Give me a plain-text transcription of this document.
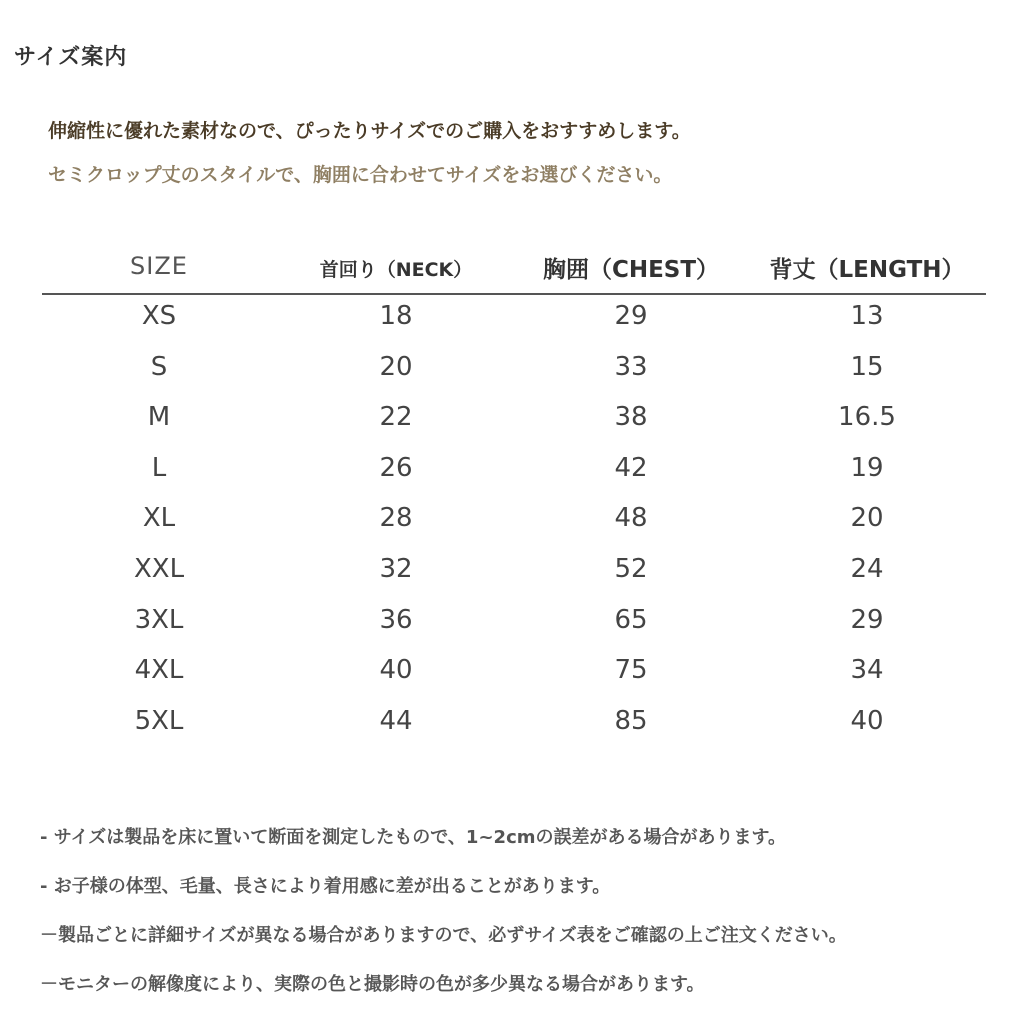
サイズ案内
伸縮性に優れた素材なので、ぴったりサイズでのご購入をおすすめします。
セミクロップ丈のスタイルで、胸囲に合わせてサイズをお選びください。
SIZE	首回り（NECK）	胸囲（CHEST） 背丈（LENGTH）
XS	18	29	13
S	20	33	15
M	22	38	16.5
L	26	42	19
XL	28	48	20
XXL	32	52	24
3XL	36	65	29
4XL	40	75	34
5XL	44	85	40
- サイズは製品を床に置いて断面を測定したもので、1~2cmの誤差がある場合があります。
- お子様の体型、毛量、長さにより着用感に差が出ることがあります。
－製品ごとに詳細サイズが異なる場合がありますので、必ずサイズ表をご確認の上ご注文ください。
－モニターの解像度により、実際の色と撮影時の色が多少異なる場合があります。
